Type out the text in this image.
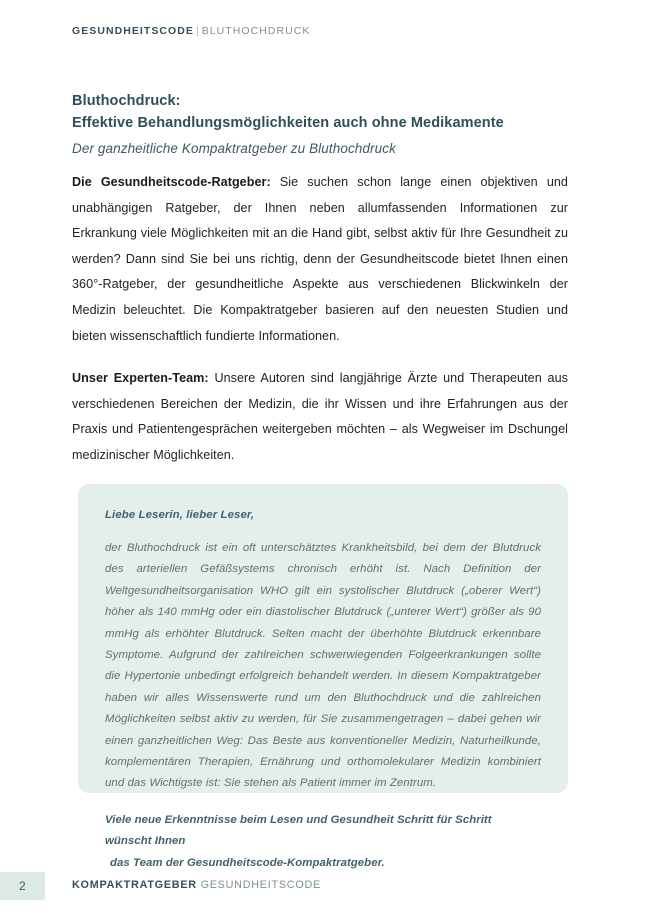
GESUNDHEITSCODE | BLUTHOCHDRUCK
Bluthochdruck:
Effektive Behandlungsmöglichkeiten auch ohne Medikamente
Der ganzheitliche Kompaktratgeber zu Bluthochdruck

Die Gesundheitscode-Ratgeber: Sie suchen schon lange einen objektiven und unabhängigen Ratgeber, der Ihnen neben allumfassenden Informationen zur Erkrankung viele Möglichkeiten mit an die Hand gibt, selbst aktiv für Ihre Gesundheit zu werden? Dann sind Sie bei uns richtig, denn der Gesundheitscode bietet Ihnen einen 360°-Ratgeber, der gesundheitliche Aspekte aus verschiedenen Blickwinkeln der Medizin beleuchtet. Die Kompaktratgeber basieren auf den neuesten Studien und bieten wissenschaftlich fundierte Informationen.

Unser Experten-Team: Unsere Autoren sind langjährige Ärzte und Therapeuten aus verschiedenen Bereichen der Medizin, die ihr Wissen und ihre Erfahrungen aus der Praxis und Patientengesprächen weitergeben möchten – als Wegweiser im Dschungel medizinischer Möglichkeiten.

Liebe Leserin, lieber Leser,

der Bluthochdruck ist ein oft unterschätztes Krankheitsbild, bei dem der Blutdruck des arteriellen Gefäßsystems chronisch erhöht ist. Nach Definition der Weltgesundheitsorganisation WHO gilt ein systolischer Blutdruck („oberer Wert“) höher als 140 mmHg oder ein diastolischer Blutdruck („unterer Wert“) größer als 90 mmHg als erhöhter Blutdruck. Selten macht der überhöhte Blutdruck erkennbare Symptome. Aufgrund der zahlreichen schwerwiegenden Folgeerkrankungen sollte die Hypertonie unbedingt erfolgreich behandelt werden. In diesem Kompaktratgeber haben wir alles Wissenswerte rund um den Bluthochdruck und die zahlreichen Möglichkeiten selbst aktiv zu werden, für Sie zusammengetragen – dabei gehen wir einen ganzheitlichen Weg: Das Beste aus konventioneller Medizin, Naturheilkunde, komplementären Therapien, Ernährung und orthomolekularer Medizin kombiniert und das Wichtigste ist: Sie stehen als Patient immer im Zentrum.

Viele neue Erkenntnisse beim Lesen und Gesundheit Schritt für Schritt wünscht Ihnen
das Team der Gesundheitscode-Kompaktratgeber.

2	KOMPAKTRATGEBER GESUNDHEITSCODE
